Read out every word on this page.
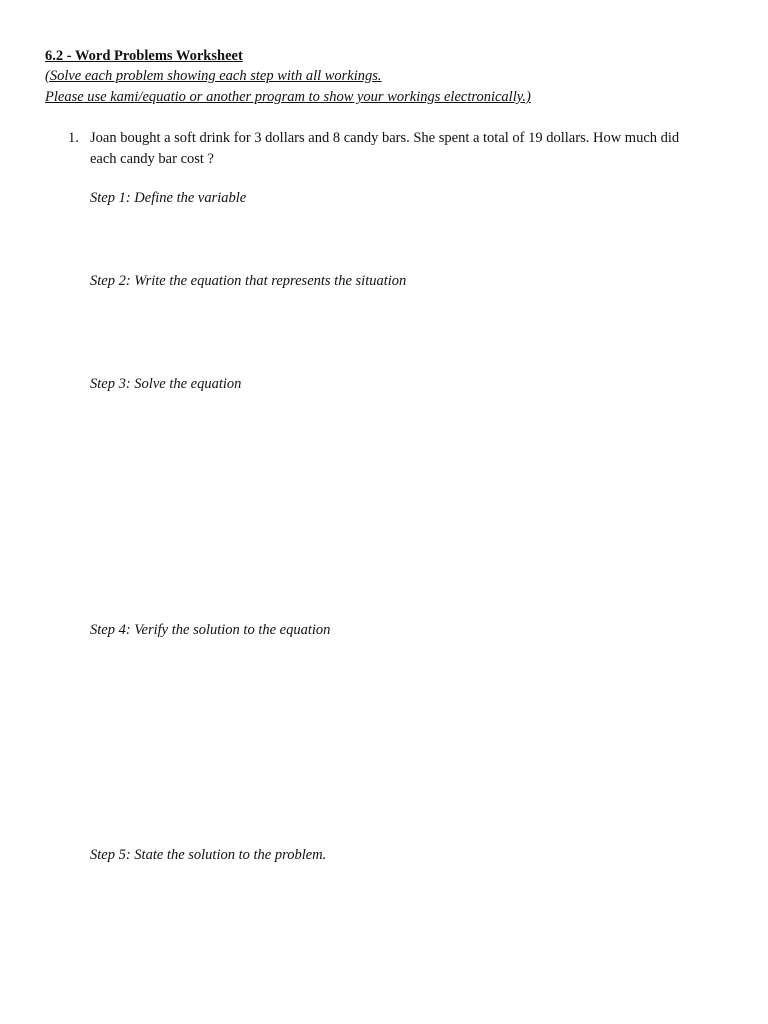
6.2 - Word Problems Worksheet
(Solve each problem showing each step with all workings.
Please use kami/equatio or another program to show your workings electronically.)
1. Joan bought a soft drink for 3 dollars and 8 candy bars. She spent a total of 19 dollars. How much did
each candy bar cost ?
Step 1: Define the variable
Step 2: Write the equation that represents the situation
Step 3: Solve the equation
Step 4: Verify the solution to the equation
Step 5: State the solution to the problem.
